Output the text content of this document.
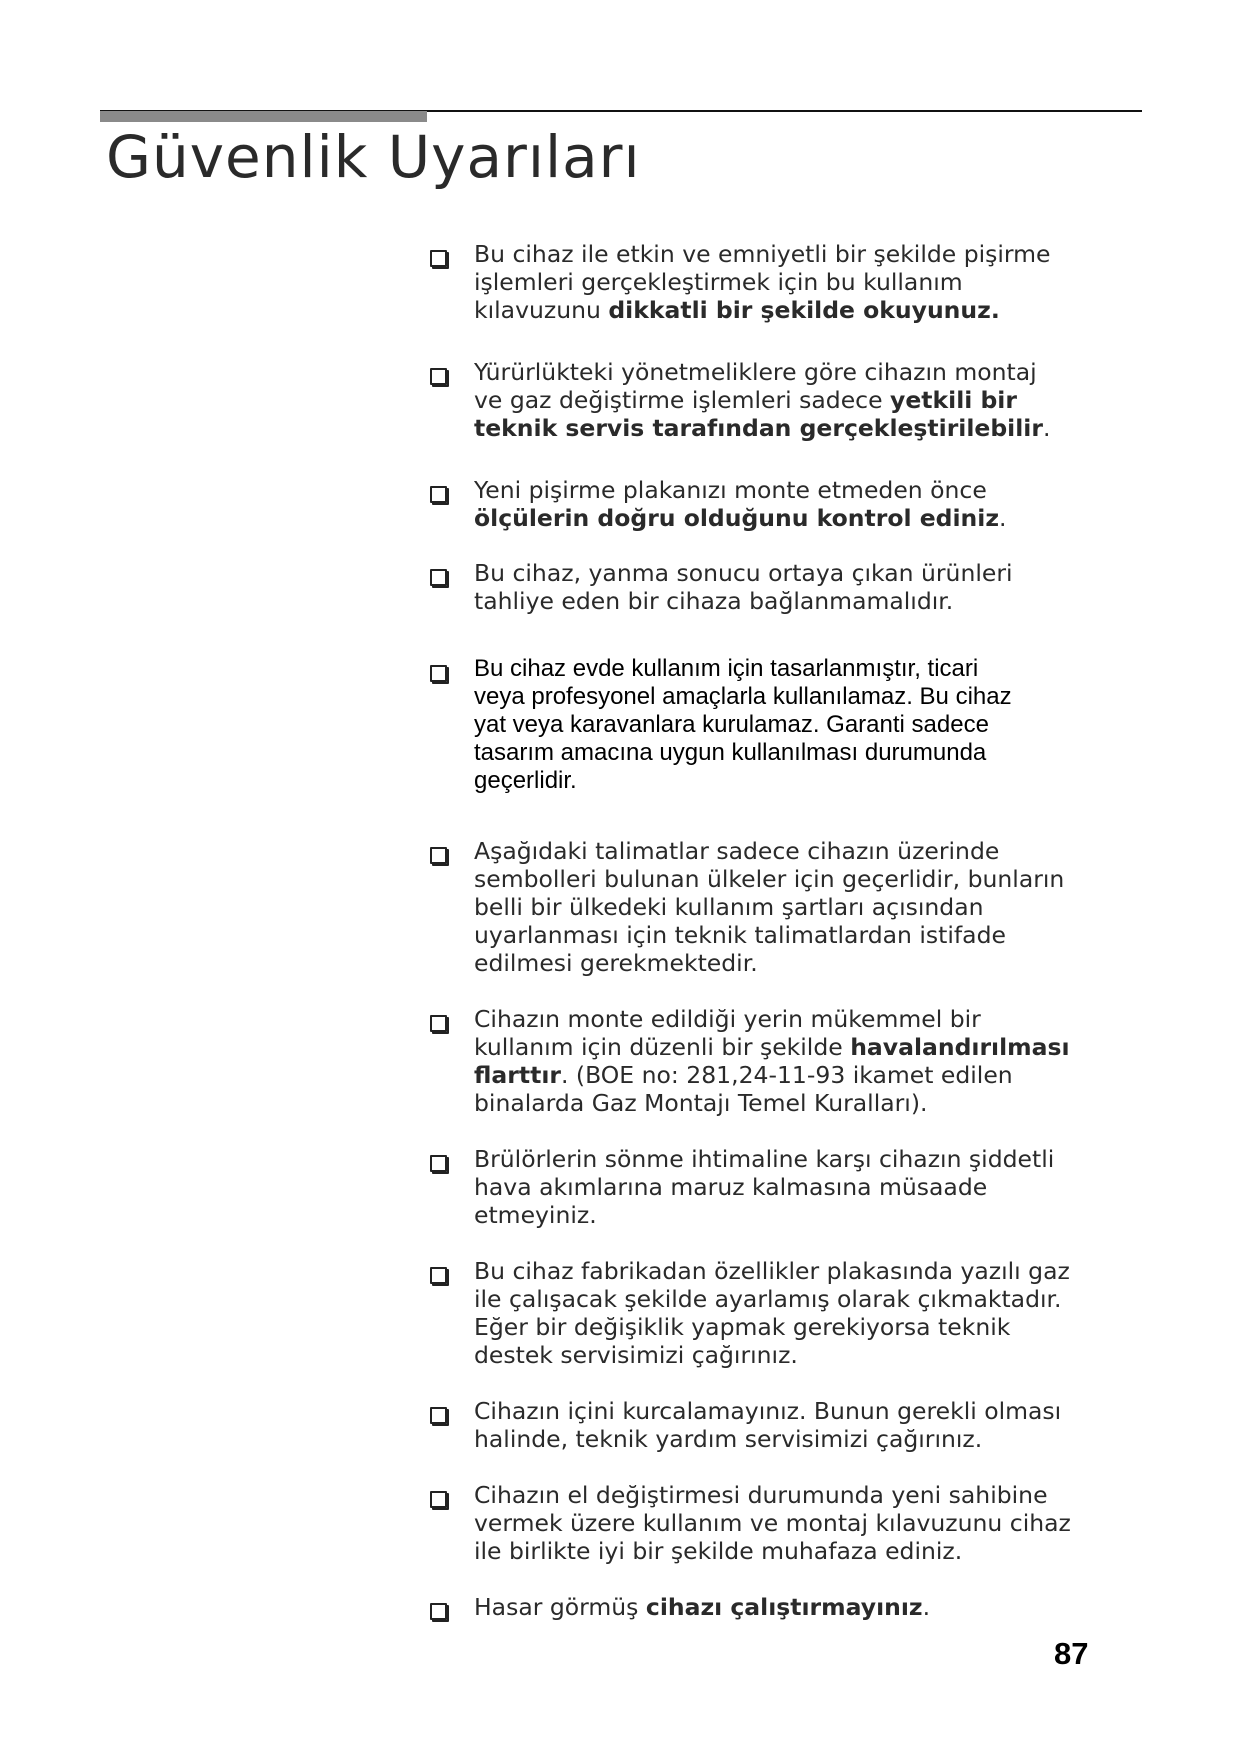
Güvenlik Uyarıları
Bu cihaz ile etkin ve emniyetli bir şekilde pişirme
işlemleri gerçekleştirmek için bu kullanım
kılavuzunu dikkatli bir şekilde okuyunuz.
Yürürlükteki yönetmeliklere göre cihazın montaj
ve gaz değiştirme işlemleri sadece yetkili bir
teknik servis tarafından gerçekleştirilebilir.
Yeni pişirme plakanızı monte etmeden önce
ölçülerin doğru olduğunu kontrol ediniz.
Bu cihaz, yanma sonucu ortaya çıkan ürünleri
tahliye eden bir cihaza bağlanmamalıdır.
Bu cihaz evde kullanım için tasarlanmıştır, ticari
veya profesyonel amaçlarla kullanılamaz. Bu cihaz
yat veya karavanlara kurulamaz. Garanti sadece
tasarım amacına uygun kullanılması durumunda
geçerlidir.
Aşağıdaki talimatlar sadece cihazın üzerinde
sembolleri bulunan ülkeler için geçerlidir, bunların
belli bir ülkedeki kullanım şartları açısından
uyarlanması için teknik talimatlardan istifade
edilmesi gerekmektedir.
Cihazın monte edildiği yerin mükemmel bir
kullanım için düzenli bir şekilde havalandırılması
flarttır. (BOE no: 281,24-11-93 ikamet edilen
binalarda Gaz Montajı Temel Kuralları).
Brülörlerin sönme ihtimaline karşı cihazın şiddetli
hava akımlarına maruz kalmasına müsaade
etmeyiniz.
Bu cihaz fabrikadan özellikler plakasında yazılı gaz
ile çalışacak şekilde ayarlamış olarak çıkmaktadır.
Eğer bir değişiklik yapmak gerekiyorsa teknik
destek servisimizi çağırınız.
Cihazın içini kurcalamayınız. Bunun gerekli olması
halinde, teknik yardım servisimizi çağırınız.
Cihazın el değiştirmesi durumunda yeni sahibine
vermek üzere kullanım ve montaj kılavuzunu cihaz
ile birlikte iyi bir şekilde muhafaza ediniz.
Hasar görmüş cihazı çalıştırmayınız.
87
